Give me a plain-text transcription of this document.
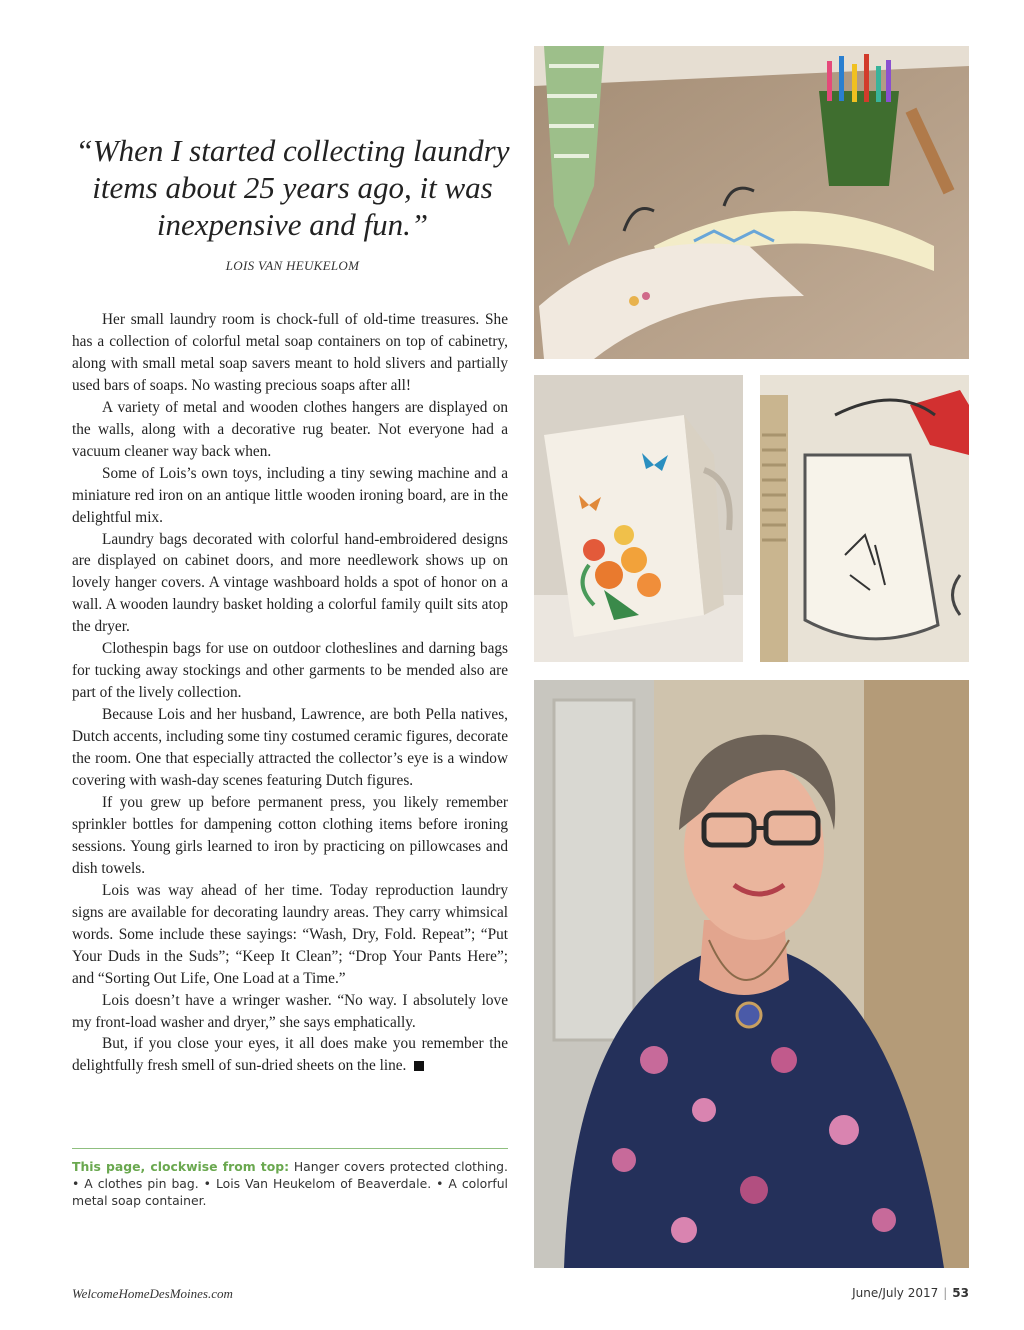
“When I started collecting laundry items about 25 years ago, it was inexpensive and fun.”
LOIS VAN HEUKELOM

Her small laundry room is chock-full of old-time treasures. She has a collection of colorful metal soap containers on top of cabinetry, along with small metal soap savers meant to hold slivers and partially used bars of soaps. No wasting precious soaps after all!

A variety of metal and wooden clothes hangers are displayed on the walls, along with a decorative rug beater. Not everyone had a vacuum cleaner way back when.

Some of Lois’s own toys, including a tiny sewing machine and a miniature red iron on an antique little wooden ironing board, are in the delightful mix.

Laundry bags decorated with colorful hand-embroidered designs are displayed on cabinet doors, and more needlework shows up on lovely hanger covers. A vintage washboard holds a spot of honor on a wall. A wooden laundry basket holding a colorful family quilt sits atop the dryer.

Clothespin bags for use on outdoor clotheslines and darning bags for tucking away stockings and other garments to be mended also are part of the lively collection.

Because Lois and her husband, Lawrence, are both Pella natives, Dutch accents, including some tiny costumed ceramic figures, decorate the room. One that especially attracted the collector’s eye is a window covering with wash-day scenes featuring Dutch figures.

If you grew up before permanent press, you likely remember sprinkler bottles for dampening cotton clothing items before ironing sessions. Young girls learned to iron by practicing on pillowcases and dish towels.

Lois was way ahead of her time. Today reproduction laundry signs are available for decorating laundry areas. They carry whimsical words. Some include these sayings: “Wash, Dry, Fold. Repeat”; “Put Your Duds in the Suds”; “Keep It Clean”; “Drop Your Pants Here”; and “Sorting Out Life, One Load at a Time.”

Lois doesn’t have a wringer washer. “No way. I absolutely love my front-load washer and dryer,” she says emphatically.

But, if you close your eyes, it all does make you remember the delightfully fresh smell of sun-dried sheets on the line.

This page, clockwise from top: Hanger covers protected clothing. • A clothes pin bag. • Lois Van Heukelom of Beaverdale. • A colorful metal soap container.
WelcomeHomeDesMoines.com	June/July 2017 | 53
